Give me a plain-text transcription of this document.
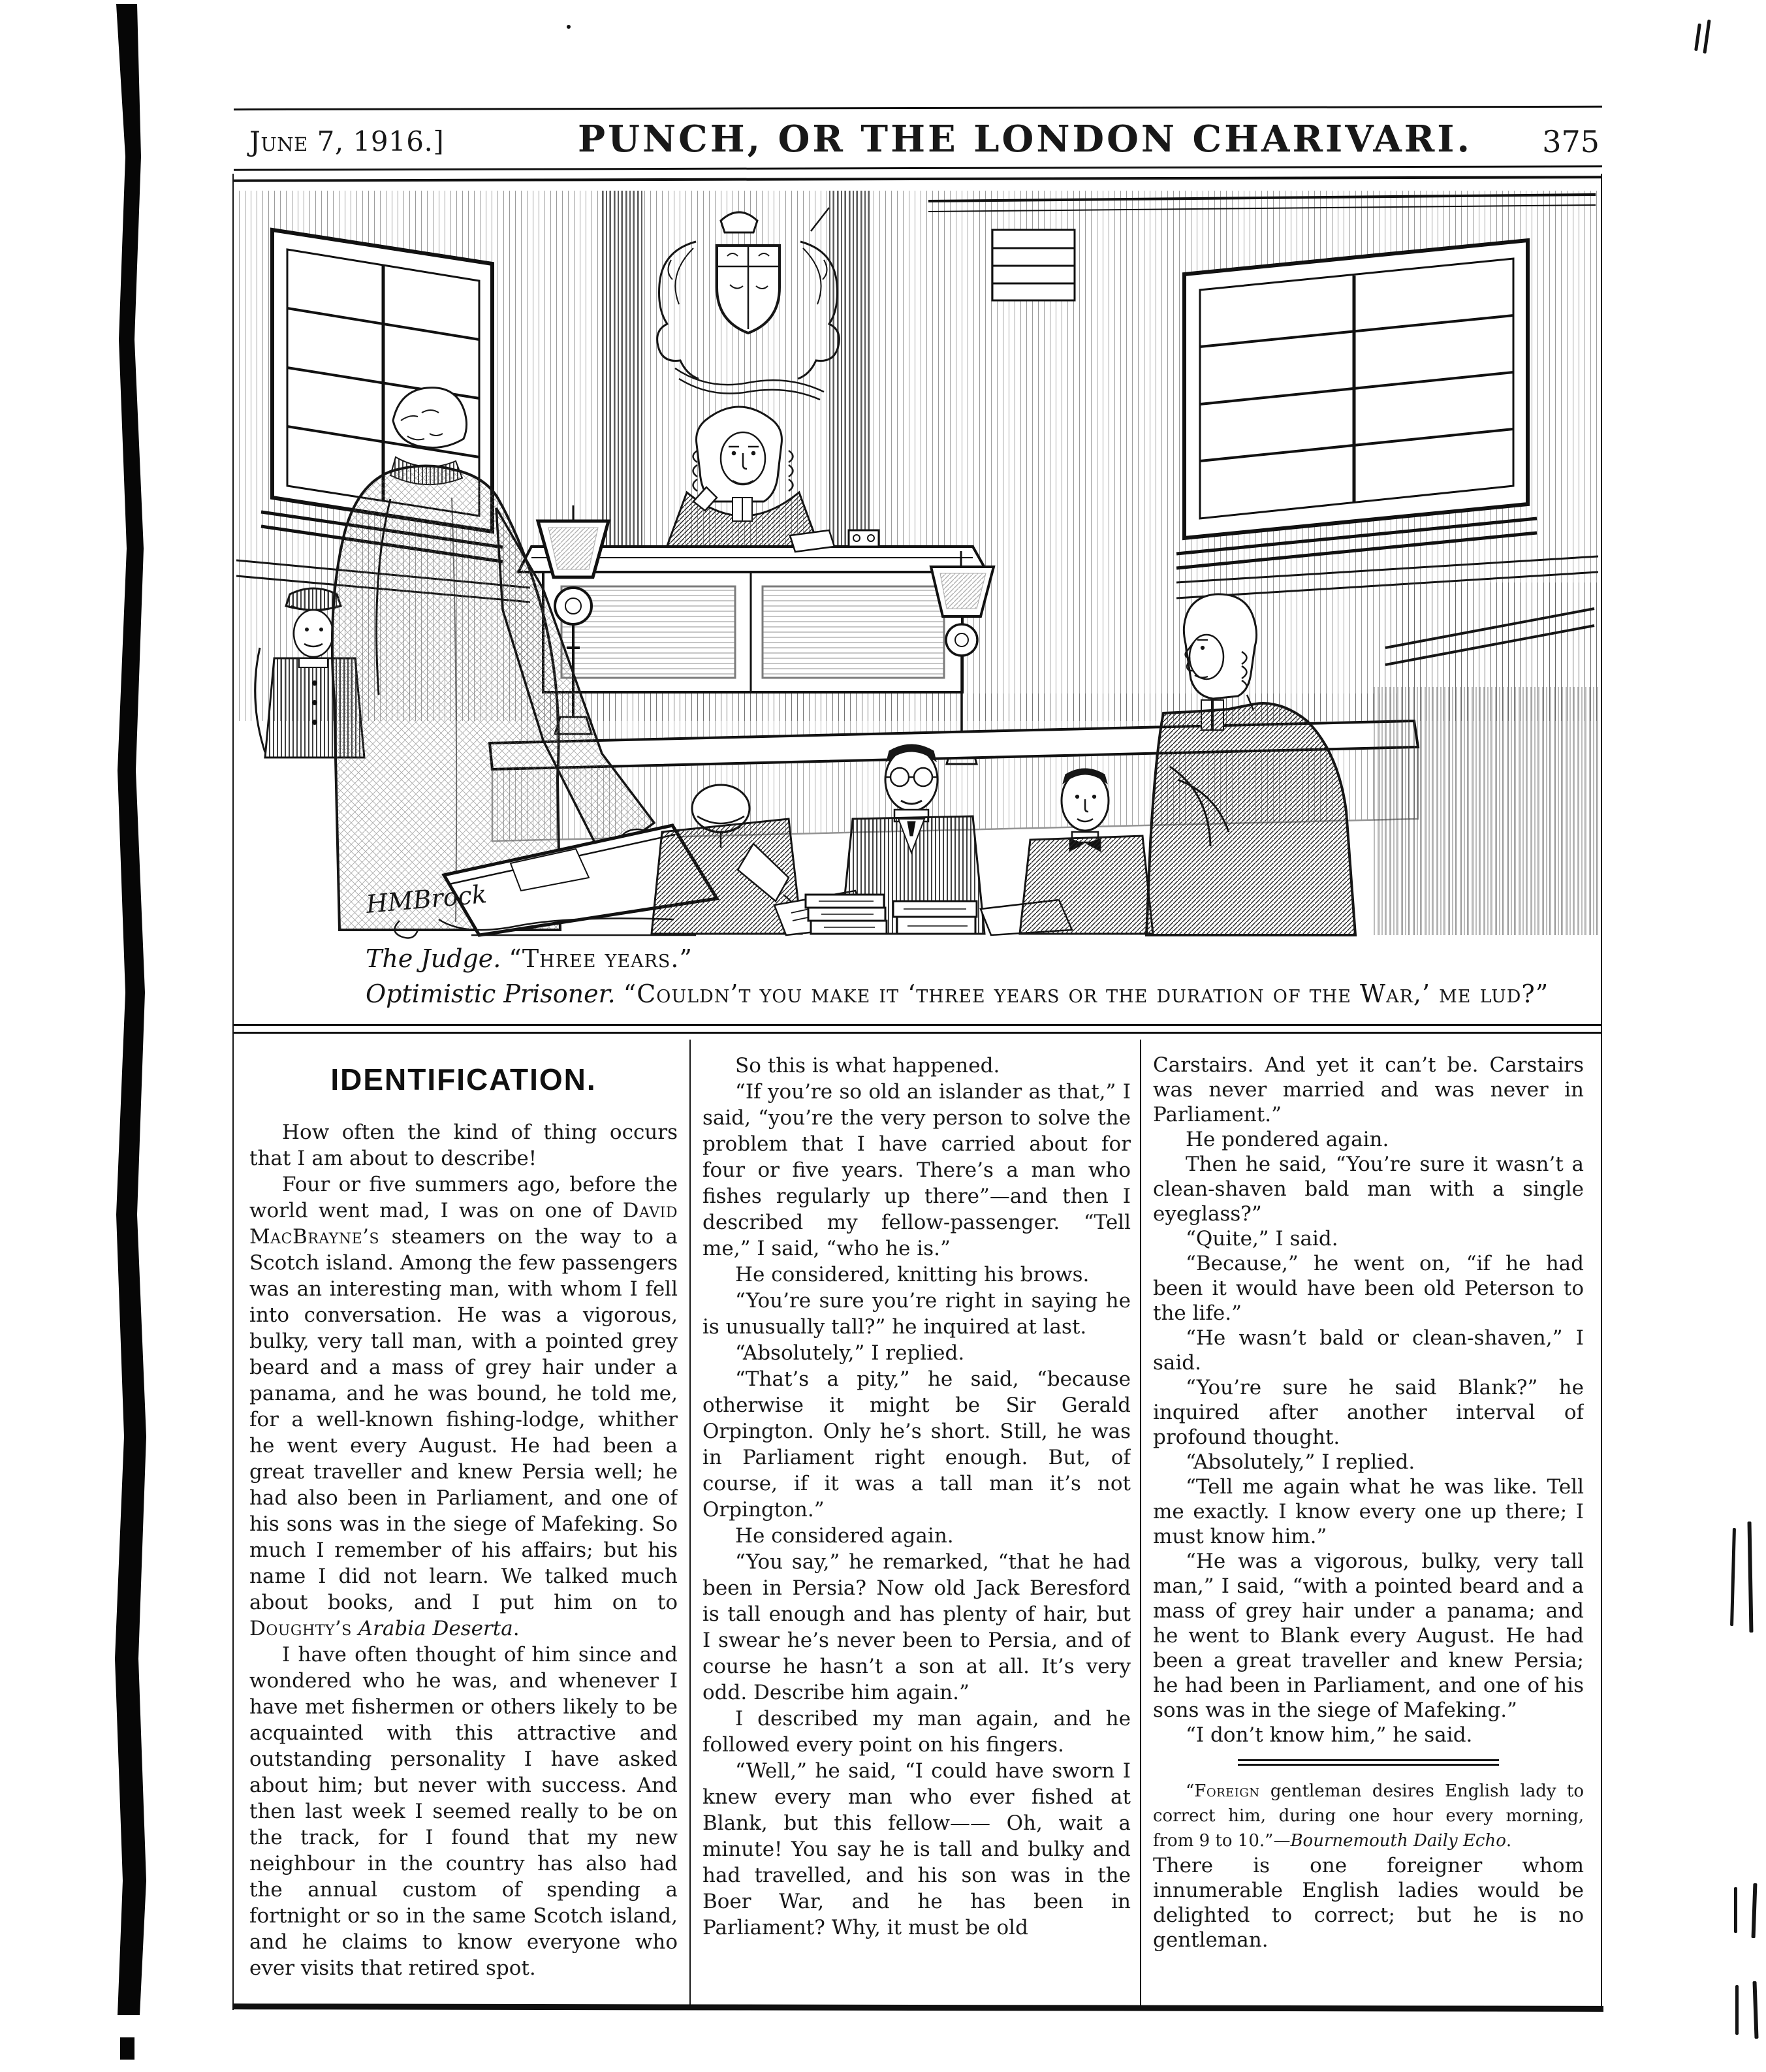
June 7, 1916.]	PUNCH, OR THE LONDON CHARIVARI.	375
HMBrock
The Judge. “Three years.”
Optimistic Prisoner. “Couldn’t you make it ‘three years or the duration of the War,’ me lud?”
IDENTIFICATION.

How often the kind of thing occurs that I am about to describe!

Four or five summers ago, before the world went mad, I was on one of David MacBrayne’s steamers on the way to a Scotch island. Among the few passengers was an interesting man, with whom I fell into conversation. He was a vigorous, bulky, very tall man, with a pointed grey beard and a mass of grey hair under a panama, and he was bound, he told me, for a well-known fishing-lodge, whither he went every August. He had been a great traveller and knew Persia well; he had also been in Parliament, and one of his sons was in the siege of Mafeking. So much I remember of his affairs; but his name I did not learn. We talked much about books, and I put him on to Doughty’s Arabia Deserta.

I have often thought of him since and wondered who he was, and whenever I have met fishermen or others likely to be acquainted with this attractive and outstanding personality I have asked about him; but never with success. And then last week I seemed really to be on the track, for I found that my new neighbour in the country has also had the annual custom of spending a fortnight or so in the same Scotch island, and he claims to know everyone who ever visits that retired spot.

So this is what happened.

“If you’re so old an islander as that,” I said, “you’re the very person to solve the problem that I have carried about for four or five years. There’s a man who fishes regularly up there”—and then I described my fellow-passenger. “Tell me,” I said, “who he is.”

He considered, knitting his brows.

“You’re sure you’re right in saying he is unusually tall?” he inquired at last.

“Absolutely,” I replied.

“That’s a pity,” he said, “because otherwise it might be Sir Gerald Orpington. Only he’s short. Still, he was in Parliament right enough. But, of course, if it was a tall man it’s not Orpington.”

He considered again.

“You say,” he remarked, “that he had been in Persia? Now old Jack Beresford is tall enough and has plenty of hair, but I swear he’s never been to Persia, and of course he hasn’t a son at all. It’s very odd. Describe him again.”

I described my man again, and he followed every point on his fingers.

“Well,” he said, “I could have sworn I knew every man who ever fished at Blank, but this fellow—— Oh, wait a minute! You say he is tall and bulky and had travelled, and his son was in the Boer War, and he has been in Parliament? Why, it must be old

Carstairs. And yet it can’t be. Carstairs was never married and was never in Parliament.”

He pondered again.

Then he said, “You’re sure it wasn’t a clean-shaven bald man with a single eyeglass?”

“Quite,” I said.

“Because,” he went on, “if he had been it would have been old Peterson to the life.”

“He wasn’t bald or clean-shaven,” I said.

“You’re sure he said Blank?” he inquired after another interval of profound thought.

“Absolutely,” I replied.

“Tell me again what he was like. Tell me exactly. I know every one up there; I must know him.”

“He was a vigorous, bulky, very tall man,” I said, “with a pointed beard and a mass of grey hair under a panama; and he went to Blank every August. He had been a great traveller and knew Persia; he had been in Parliament, and one of his sons was in the siege of Mafeking.”

“I don’t know him,” he said.

“Foreign gentleman desires English lady to correct him, during one hour every morning, from 9 to 10.”—Bournemouth Daily Echo.

There is one foreigner whom innumerable English ladies would be delighted to correct; but he is no gentleman.
